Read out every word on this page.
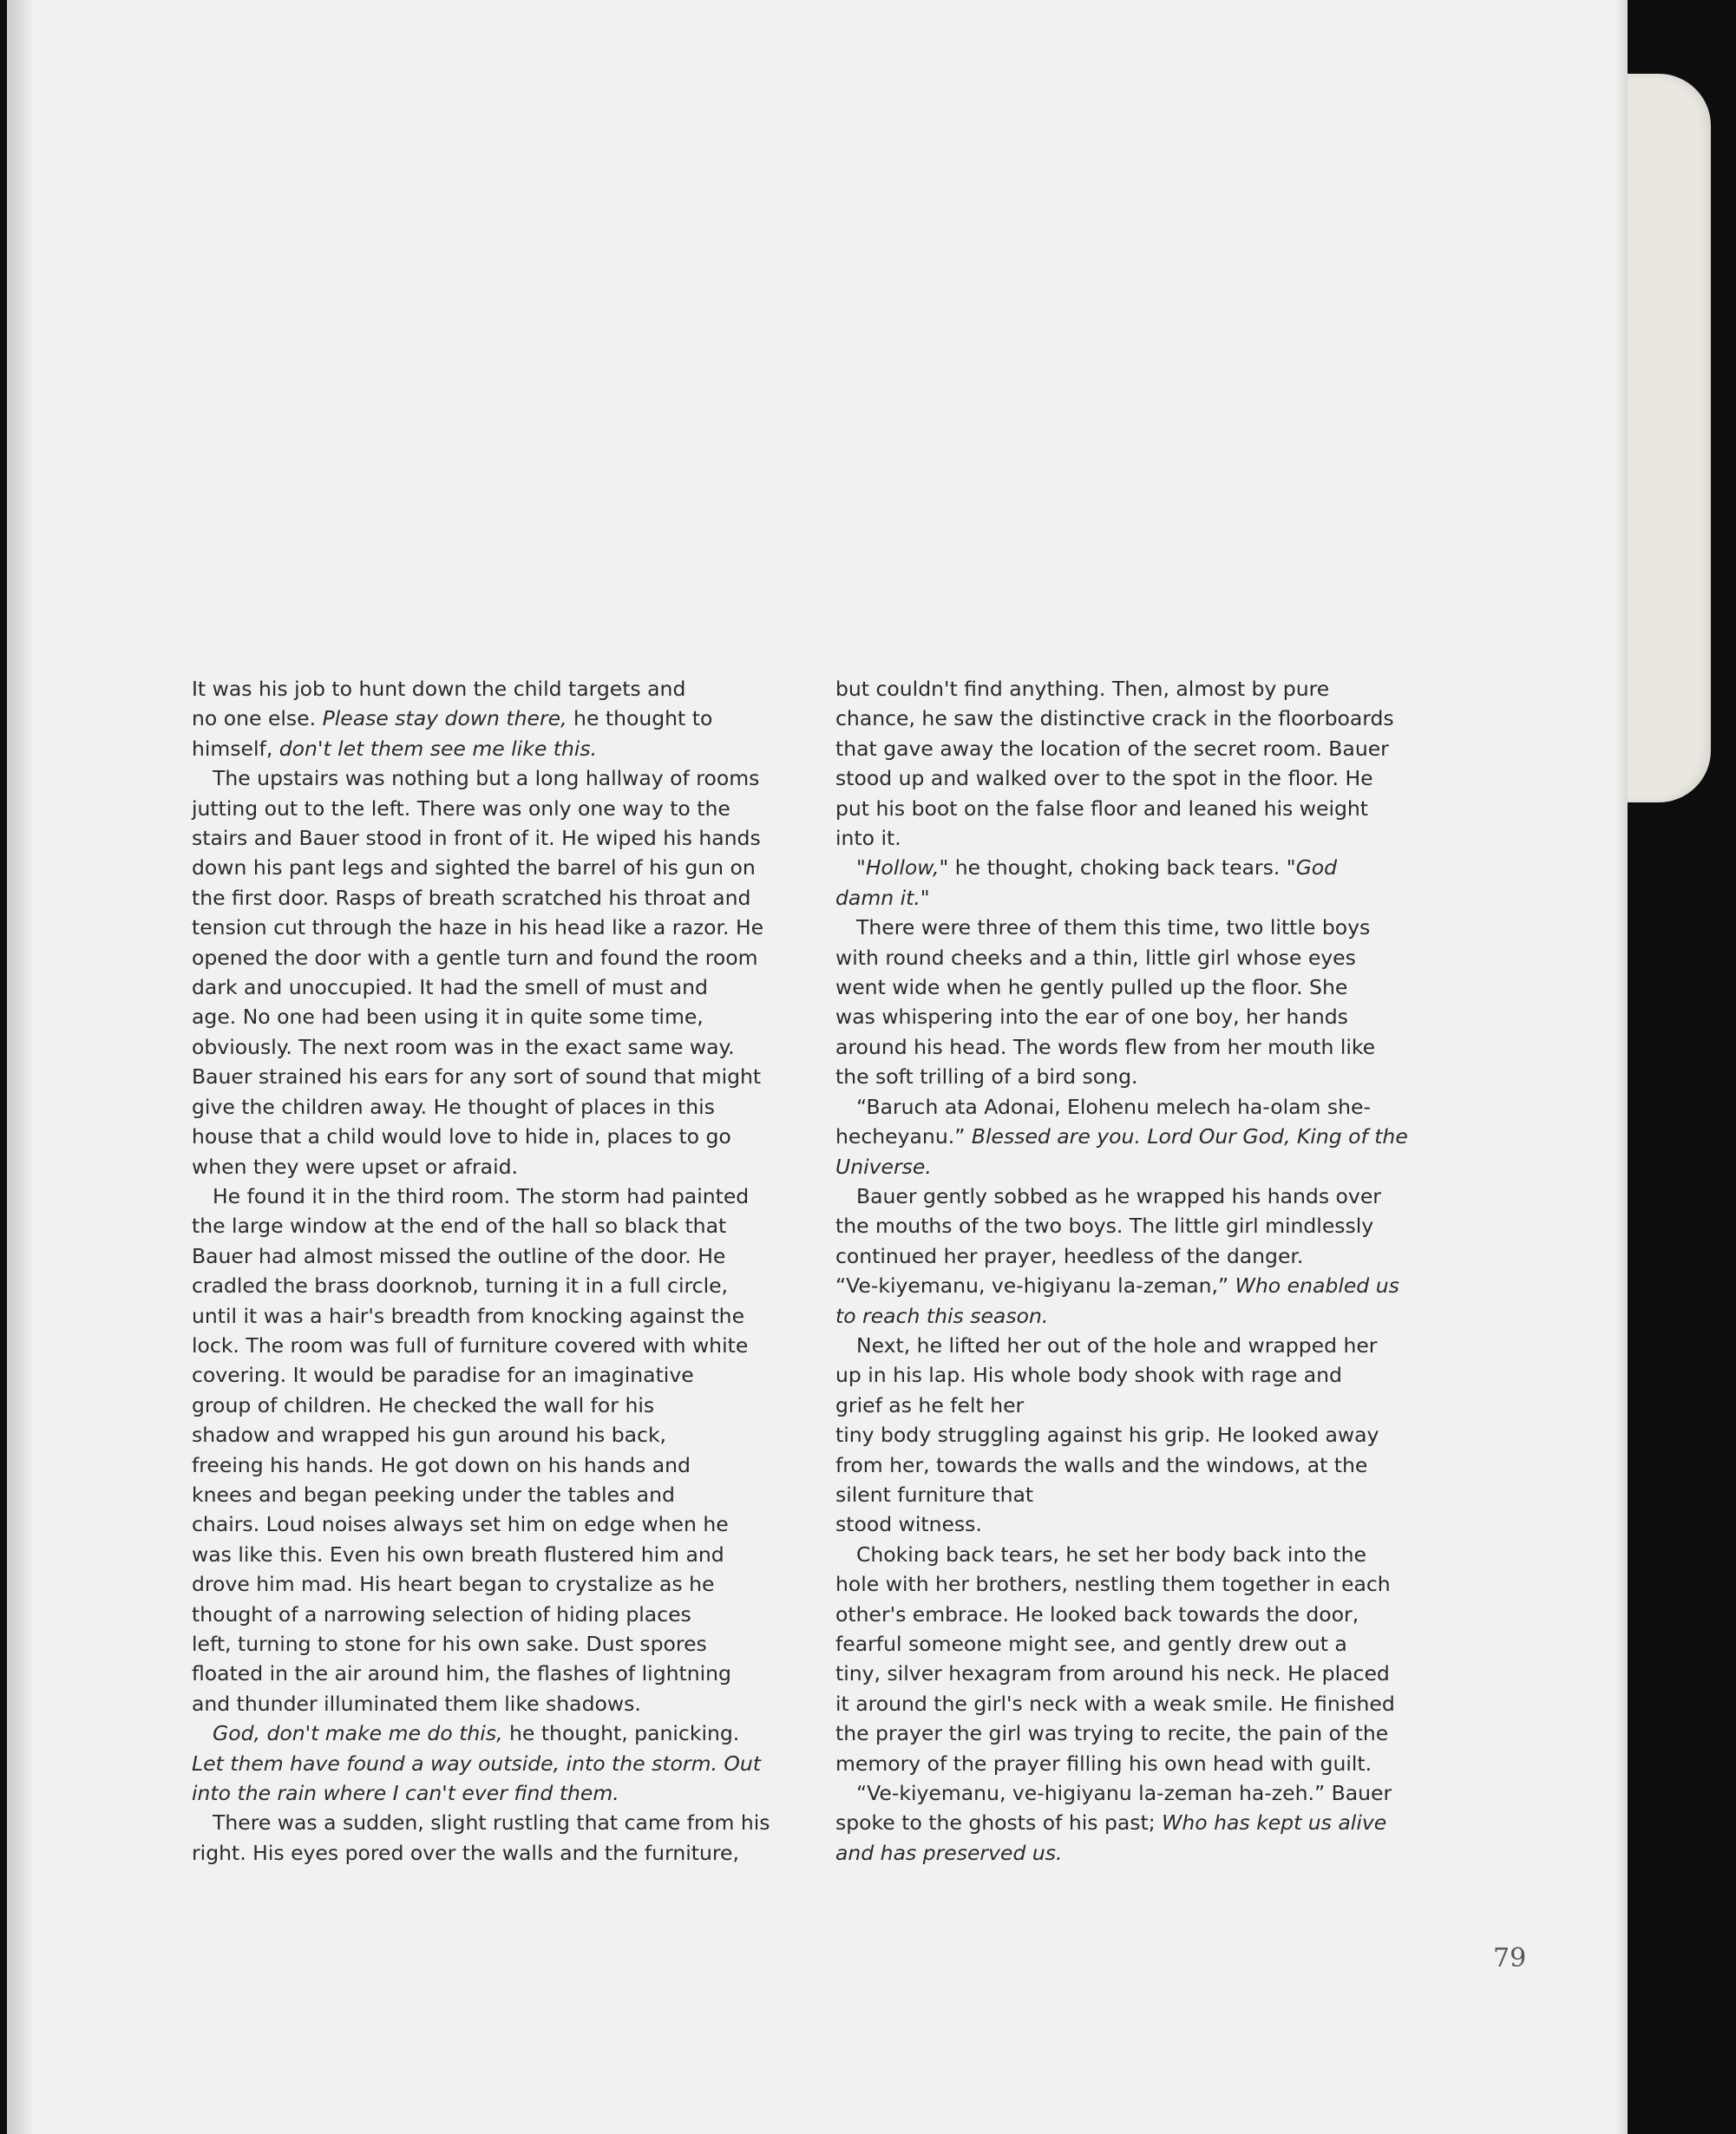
It was his job to hunt down the child targets and
no one else. Please stay down there, he thought to
himself, don't let them see me like this.

The upstairs was nothing but a long hallway of rooms
jutting out to the left. There was only one way to the
stairs and Bauer stood in front of it. He wiped his hands
down his pant legs and sighted the barrel of his gun on
the first door. Rasps of breath scratched his throat and
tension cut through the haze in his head like a razor. He
opened the door with a gentle turn and found the room
dark and unoccupied. It had the smell of must and
age. No one had been using it in quite some time,
obviously. The next room was in the exact same way.
Bauer strained his ears for any sort of sound that might
give the children away. He thought of places in this
house that a child would love to hide in, places to go
when they were upset or afraid.

He found it in the third room. The storm had painted
the large window at the end of the hall so black that
Bauer had almost missed the outline of the door. He
cradled the brass doorknob, turning it in a full circle,
until it was a hair's breadth from knocking against the
lock. The room was full of furniture covered with white
covering. It would be paradise for an imaginative
group of children. He checked the wall for his
shadow and wrapped his gun around his back,
freeing his hands. He got down on his hands and
knees and began peeking under the tables and
chairs. Loud noises always set him on edge when he
was like this. Even his own breath flustered him and
drove him mad. His heart began to crystalize as he
thought of a narrowing selection of hiding places
left, turning to stone for his own sake. Dust spores
floated in the air around him, the flashes of lightning
and thunder illuminated them like shadows.

God, don't make me do this, he thought, panicking.
Let them have found a way outside, into the storm. Out
into the rain where I can't ever find them.

There was a sudden, slight rustling that came from his
right. His eyes pored over the walls and the furniture,

but couldn't find anything. Then, almost by pure
chance, he saw the distinctive crack in the floorboards
that gave away the location of the secret room. Bauer
stood up and walked over to the spot in the floor. He
put his boot on the false floor and leaned his weight
into it.

"Hollow," he thought, choking back tears. "God
damn it."

There were three of them this time, two little boys
with round cheeks and a thin, little girl whose eyes
went wide when he gently pulled up the floor. She
was whispering into the ear of one boy, her hands
around his head. The words flew from her mouth like
the soft trilling of a bird song.

“Baruch ata Adonai, Elohenu melech ha-olam she-
hecheyanu.” Blessed are you. Lord Our God, King of the
Universe.

Bauer gently sobbed as he wrapped his hands over
the mouths of the two boys. The little girl mindlessly
continued her prayer, heedless of the danger.
“Ve-kiyemanu, ve-higiyanu la-zeman,” Who enabled us
to reach this season.

Next, he lifted her out of the hole and wrapped her
up in his lap. His whole body shook with rage and
grief as he felt her
tiny body struggling against his grip. He looked away
from her, towards the walls and the windows, at the
silent furniture that
stood witness.

Choking back tears, he set her body back into the
hole with her brothers, nestling them together in each
other's embrace. He looked back towards the door,
fearful someone might see, and gently drew out a
tiny, silver hexagram from around his neck. He placed
it around the girl's neck with a weak smile. He finished
the prayer the girl was trying to recite, the pain of the
memory of the prayer filling his own head with guilt.

“Ve-kiyemanu, ve-higiyanu la-zeman ha-zeh.” Bauer
spoke to the ghosts of his past; Who has kept us alive
and has preserved us.

79
